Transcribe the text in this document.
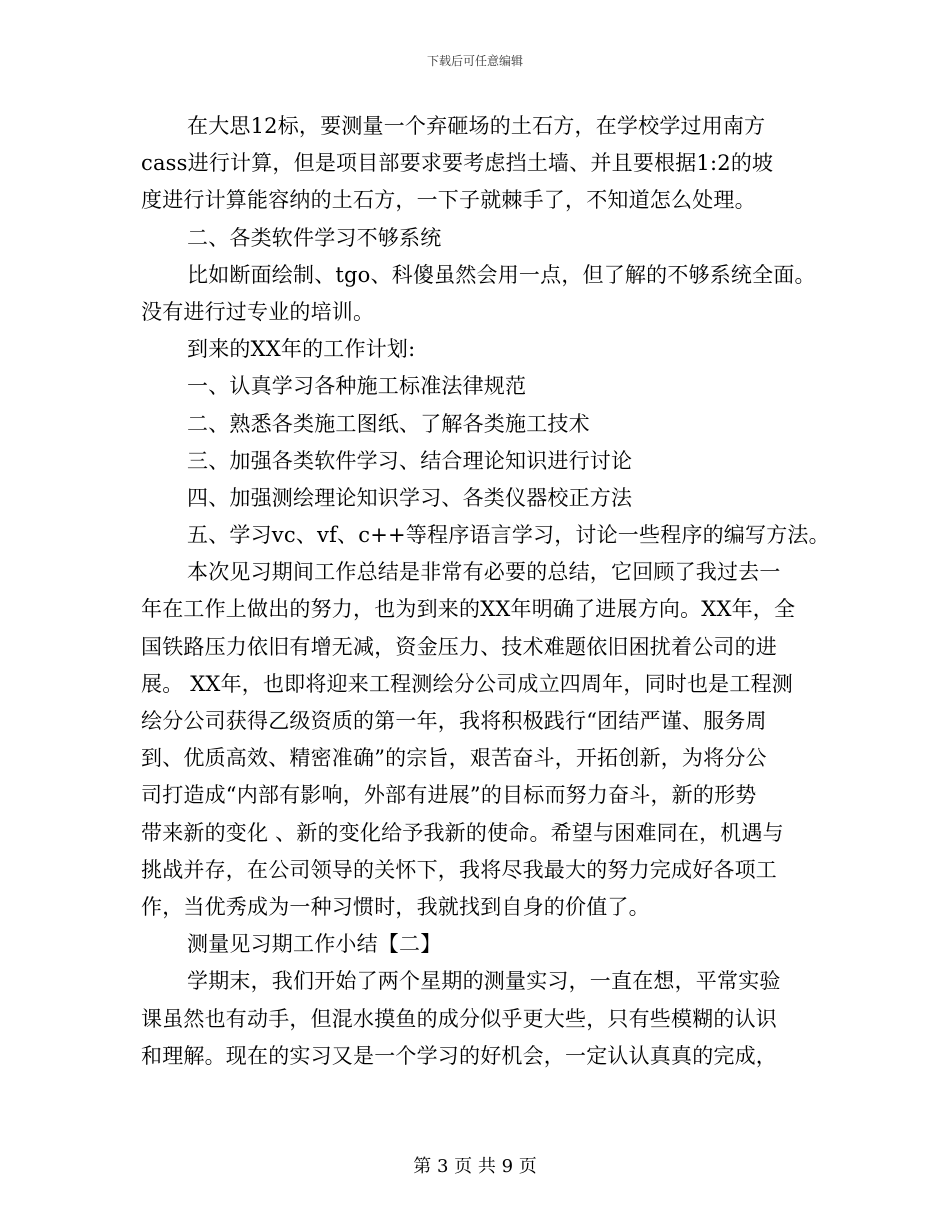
下载后可任意编辑
在大思12标，要测量一个弃砸场的土石方，在学校学过用南方
cass进行计算，但是项目部要求要考虑挡土墙、并且要根据1:2的坡
度进行计算能容纳的土石方，一下子就棘手了，不知道怎么处理。
二、各类软件学习不够系统
比如断面绘制、tgo、科傻虽然会用一点，但了解的不够系统全面。
没有进行过专业的培训。
到来的XX年的工作计划:
一、认真学习各种施工标准法律规范
二、熟悉各类施工图纸、了解各类施工技术
三、加强各类软件学习、结合理论知识进行讨论
四、加强测绘理论知识学习、各类仪器校正方法
五、学习vc、vf、c++等程序语言学习，讨论一些程序的编写方法。
本次见习期间工作总结是非常有必要的总结，它回顾了我过去一
年在工作上做出的努力，也为到来的XX年明确了进展方向。XX年，全
国铁路压力依旧有增无减，资金压力、技术难题依旧困扰着公司的进
展。 XX年，也即将迎来工程测绘分公司成立四周年，同时也是工程测
绘分公司获得乙级资质的第一年，我将积极践行“团结严谨、服务周
到、优质高效、精密准确”的宗旨，艰苦奋斗，开拓创新，为将分公
司打造成“内部有影响，外部有进展”的目标而努力奋斗，新的形势
带来新的变化 、新的变化给予我新的使命。希望与困难同在，机遇与
挑战并存，在公司领导的关怀下，我将尽我最大的努力完成好各项工
作，当优秀成为一种习惯时，我就找到自身的价值了。
测量见习期工作小结【二】
学期末，我们开始了两个星期的测量实习，一直在想，平常实验
课虽然也有动手，但混水摸鱼的成分似乎更大些，只有些模糊的认识
和理解。现在的实习又是一个学习的好机会，一定认认真真的完成，
第 3 页 共 9 页
